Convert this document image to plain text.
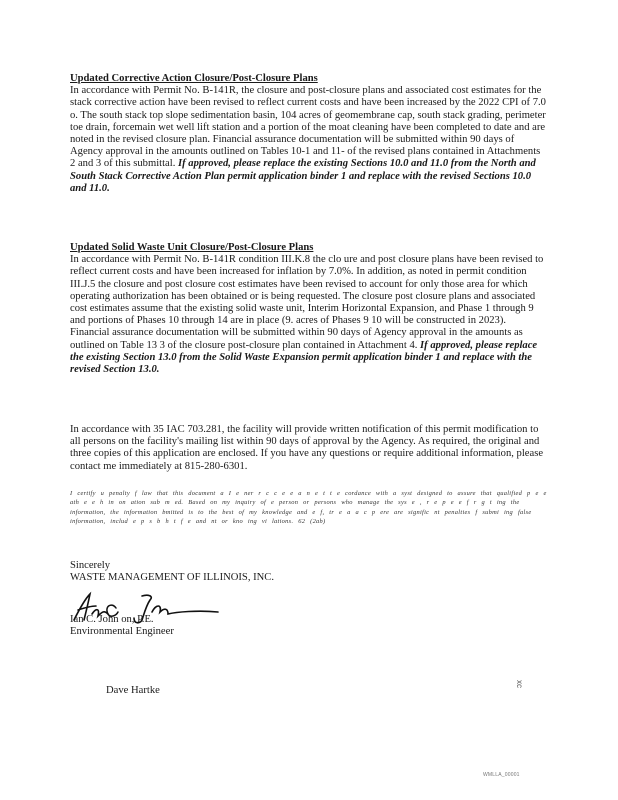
Updated Corrective Action Closure/Post-Closure Plans
In accordance with Permit No. B-141R, the closure and post-closure plans and associated cost estimates for the stack corrective action have been revised to reflect current costs and have been increased by the 2022 CPI of 7.0 o. The south stack top slope sedimentation basin, 104 acres of geomembrane cap, south stack grading, perimeter toe drain, forcemain wet well lift station and a portion of the moat cleaning have been completed to date and are noted in the revised closure plan. Financial assurance documentation will be submitted within 90 days of Agency approval in the amounts outlined on Tables 10-1 and 11- of the revised plans contained in Attachments 2 and 3 of this submittal. If approved, please replace the existing Sections 10.0 and 11.0 from the North and South Stack Corrective Action Plan permit application binder 1 and replace with the revised Sections 10.0 and 11.0.
Updated Solid Waste Unit Closure/Post-Closure Plans
In accordance with Permit No. B-141R condition III.K.8 the clo ure and post closure plans have been revised to reflect current costs and have been increased for inflation by 7.0%. In addition, as noted in permit condition III.J.5 the closure and post closure cost estimates have been revised to account for only those area for which operating authorization has been obtained or is being requested. The closure post closure plans and associated cost estimates assume that the existing solid waste unit, Interim Horizontal Expansion, and Phase 1 through 9 and portions of Phases 10 through 14 are in place (9. acres of Phases 9 10 will be constructed in 2023). Financial assurance documentation will be submitted within 90 days of Agency approval in the amounts as outlined on Table 13 3 of the closure post-closure plan contained in Attachment 4. If approved, please replace the existing Section 13.0 from the Solid Waste Expansion permit application binder 1 and replace with the revised Section 13.0.
In accordance with 35 IAC 703.281, the facility will provide written notification of this permit modification to all persons on the facility's mailing list within 90 days of approval by the Agency. As required, the original and three copies of this application are enclosed. If you have any questions or require additional information, please contact me immediately at 815-280-6301.
I certify u penalty f law that this document a I e ner r c c e e a n e t t e cordance with a syst designed to assure that qualified p e e ath e e h in on ation sub m ed. Based on my inquiry of e person or persons who manage the sys e , r e p e e f r g t ing the information, the information bmitted is to the best of my knowledge and e f, tr e a a c p ere are signific nt penalties f submi ing false information, includ e p s b h t f e and nt or kno ing vi lations. 62 (2ab)
Sincerely
WASTE MANAGEMENT OF ILLINOIS, INC.
Ian C. John on, P.E.
Environmental Engineer
Dave Hartke
xc
WMLLA_00001
